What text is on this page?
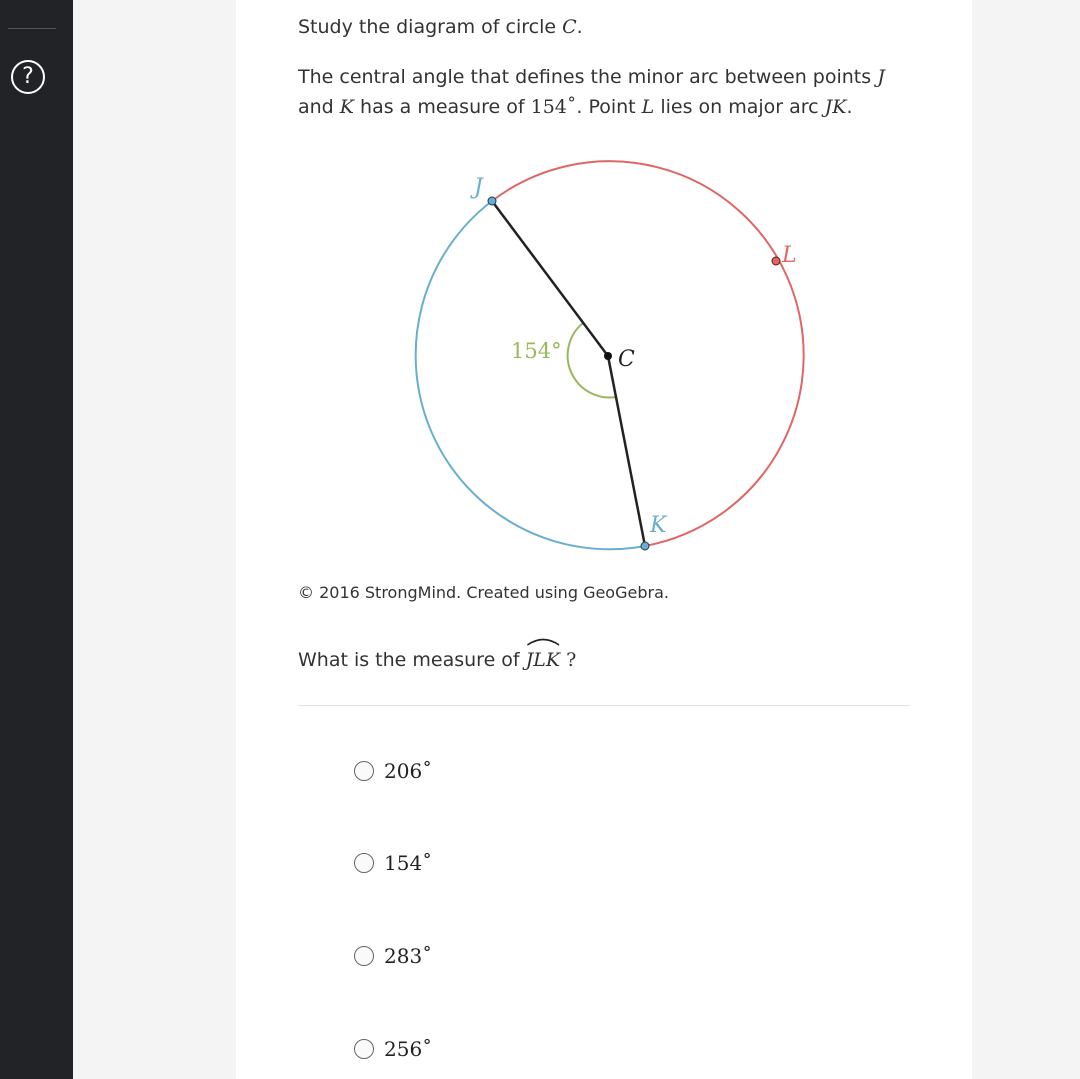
?
Study the diagram of circle C.
The central angle that defines the minor arc between points J
and K has a measure of 154˚. Point L lies on major arc JK.
J
L
C
K
154°
© 2016 StrongMind. Created using GeoGebra.
What is the measure of
JLK ?
206˚
154˚
283˚
256˚
